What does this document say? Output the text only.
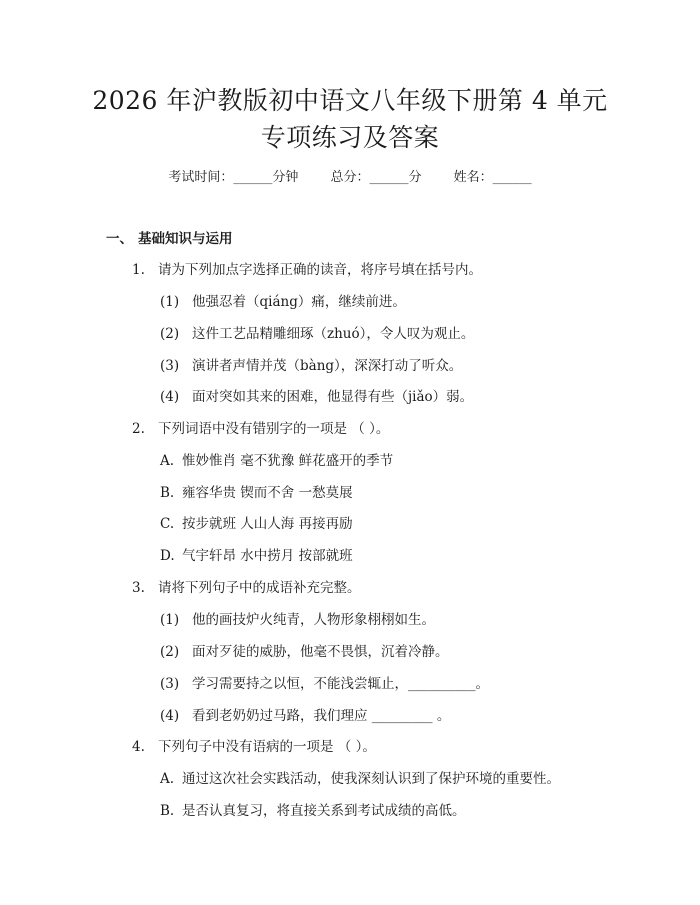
2026 年沪教版初中语文八年级下册第 4 单元
专项练习及答案
考试时间：______分钟 总分：______分 姓名：______
一、 基础知识与运用
1. 请为下列加点字选择正确的读音，将序号填在括号内。
(1) 他强忍着（qiáng）痛，继续前进。
(2) 这件工艺品精雕细琢（zhuó），令人叹为观止。
(3) 演讲者声情并茂（bàng），深深打动了听众。
(4) 面对突如其来的困难，他显得有些（jiǎo）弱。
2. 下列词语中没有错别字的一项是 （ ）。
A. 惟妙惟肖 毫不犹豫 鲜花盛开的季节
B. 雍容华贵 锲而不舍 一愁莫展
C. 按步就班 人山人海 再接再励
D. 气宇轩昂 水中捞月 按部就班
3. 请将下列句子中的成语补充完整。
(1) 他的画技炉火纯青，人物形象栩栩如生。
(2) 面对歹徒的威胁，他毫不畏惧，沉着冷静。
(3) 学习需要持之以恒，不能浅尝辄止，__________。
(4) 看到老奶奶过马路，我们理应 _________ 。
4. 下列句子中没有语病的一项是 （ ）。
A. 通过这次社会实践活动，使我深刻认识到了保护环境的重要性。
B. 是否认真复习，将直接关系到考试成绩的高低。
